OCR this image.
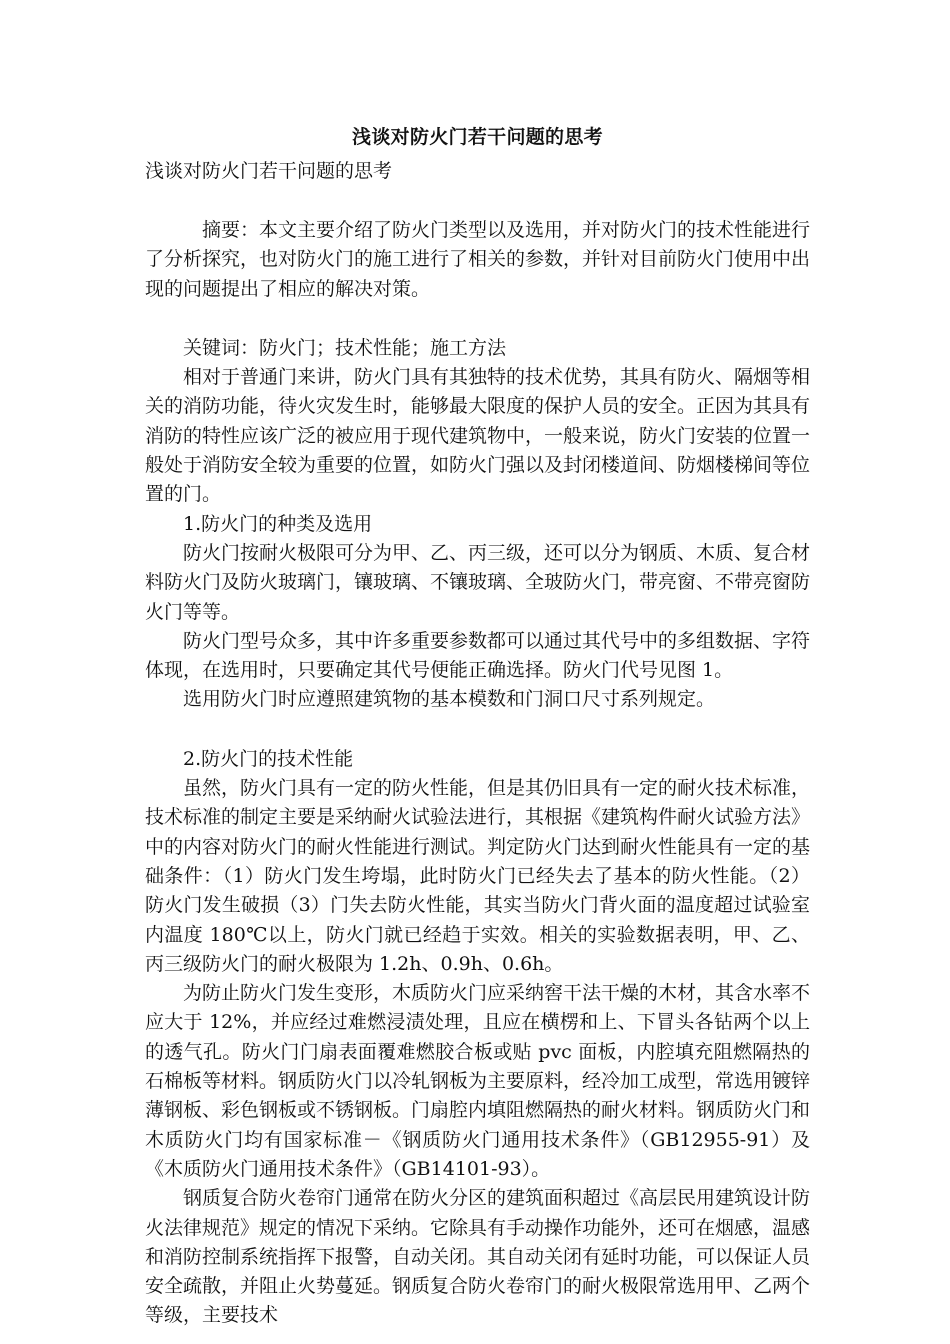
浅谈对防火门若干问题的思考

浅谈对防火门若干问题的思考

摘要：本文主要介绍了防火门类型以及选用，并对防火门的技术性能进行了分析探究，也对防火门的施工进行了相关的参数，并针对目前防火门使用中出现的问题提出了相应的解决对策。

关键词：防火门；技术性能；施工方法

相对于普通门来讲，防火门具有其独特的技术优势，其具有防火、隔烟等相关的消防功能，待火灾发生时，能够最大限度的保护人员的安全。正因为其具有消防的特性应该广泛的被应用于现代建筑物中，一般来说，防火门安装的位置一般处于消防安全较为重要的位置，如防火门强以及封闭楼道间、防烟楼梯间等位置的门。

1.防火门的种类及选用

防火门按耐火极限可分为甲、乙、丙三级，还可以分为钢质、木质、复合材料防火门及防火玻璃门，镶玻璃、不镶玻璃、全玻防火门，带亮窗、不带亮窗防火门等等。

防火门型号众多，其中许多重要参数都可以通过其代号中的多组数据、字符体现，在选用时，只要确定其代号便能正确选择。防火门代号见图 1。

选用防火门时应遵照建筑物的基本模数和门洞口尺寸系列规定。

2.防火门的技术性能

虽然，防火门具有一定的防火性能，但是其仍旧具有一定的耐火技术标准，技术标准的制定主要是采纳耐火试验法进行，其根据《建筑构件耐火试验方法》中的内容对防火门的耐火性能进行测试。判定防火门达到耐火性能具有一定的基础条件：（1）防火门发生垮塌，此时防火门已经失去了基本的防火性能。（2）防火门发生破损（3）门失去防火性能，其实当防火门背火面的温度超过试验室内温度 180℃以上，防火门就已经趋于实效。相关的实验数据表明，甲、乙、丙三级防火门的耐火极限为 1.2h、0.9h、0.6h。

为防止防火门发生变形，木质防火门应采纳窖干法干燥的木材，其含水率不应大于 12%，并应经过难燃浸渍处理，且应在横楞和上、下冒头各钻两个以上的透气孔。防火门门扇表面覆难燃胶合板或贴 pvc 面板，内腔填充阻燃隔热的石棉板等材料。钢质防火门以冷轧钢板为主要原料，经冷加工成型，常选用镀锌薄钢板、彩色钢板或不锈钢板。门扇腔内填阻燃隔热的耐火材料。钢质防火门和木质防火门均有国家标准－《钢质防火门通用技术条件》（GB12955-91）及《木质防火门通用技术条件》（GB14101-93）。

钢质复合防火卷帘门通常在防火分区的建筑面积超过《高层民用建筑设计防火法律规范》规定的情况下采纳。它除具有手动操作功能外，还可在烟感，温感和消防控制系统指挥下报警，自动关闭。其自动关闭有延时功能，可以保证人员安全疏散，并阻止火势蔓延。钢质复合防火卷帘门的耐火极限常选用甲、乙两个等级，主要技术
